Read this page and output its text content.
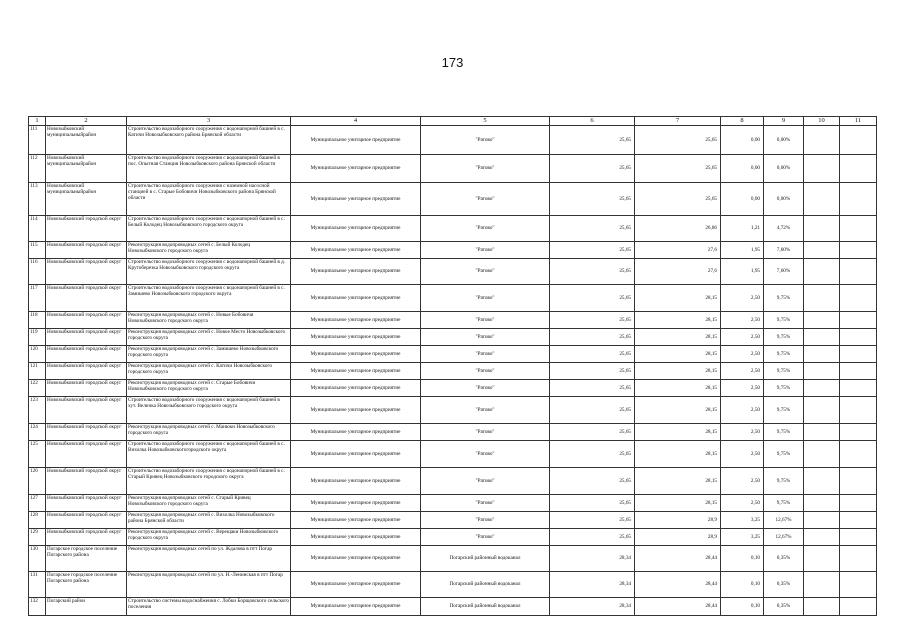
173
1	2	3	4	5	6	7	8	9	10	11
111	Новозыбковский муниципальныйрайон	Строительство водозаборного сооружения с водонапорной башней в с. Катичи Новозыбковского района Брянской области	Муниципальное унитарное предприятие	"Ратово"	25,65	25,65	0,00	0,00%		
112	Новозыбковский муниципальныйрайон	Строительство водозаборного сооружения с водонапорной башней в пос. Опытная Станция Новозыбковского района Брянской области	Муниципальное унитарное предприятие	"Ратово"	25,65	25,65	0,00	0,00%		
113	Новозыбковский муниципальныйрайон	Строительство водозаборного сооружения с наземной насосной станцией в с. Старые Бобовичи Новозыбковского района Брянской области	Муниципальное унитарное предприятие	"Ратово"	25,65	25,65	0,00	0,00%		
114	Новозыбковский городской округ	Строительство водозаборного сооружения с водонапорной башней в с. Белый Колодец Новозыбковского городского округа	Муниципальное унитарное предприятие	"Ратово"	25,65	26,86	1,21	4,72%		
115	Новозыбковский городской округ	Реконструкция водопроводных сетей с. Белый Колодец Новозыбковского городского округа	Муниципальное унитарное предприятие	"Ратово"	25,65	27,6	1,95	7,60%		
116	Новозыбковский городской округ	Строительство водозаборного сооружения с водонапорной башней в д. Крутоберезка Новозыбковского городского округа	Муниципальное унитарное предприятие	"Ратово"	25,65	27,6	1,95	7,60%		
117	Новозыбковский городской округ	Строительство водозаборного сооружения с водонапорной башней в с. Замишево Новозыбковского городского округа	Муниципальное унитарное предприятие	"Ратово"	25,65	28,15	2,50	9,75%		
118	Новозыбковский городской округ	Реконструкция водопроводных сетей с. Новые Бобовичи Новозыбковского городского округа	Муниципальное унитарное предприятие	"Ратово"	25,65	28,15	2,50	9,75%		
119	Новозыбковский городской округ	Реконструкция водопроводных сетей с. Новое Место Новозыбковского городского округа	Муниципальное унитарное предприятие	"Ратово"	25,65	28,15	2,50	9,75%		
120	Новозыбковский городской округ	Реконструкция водопроводных сетей с. Замишево Новозыбковского городского округа	Муниципальное унитарное предприятие	"Ратово"	25,65	28,15	2,50	9,75%		
121	Новозыбковский городской округ	Реконструкция водопроводных сетей с. Катичи Новозыбковского городского округа	Муниципальное унитарное предприятие	"Ратово"	25,65	28,15	2,50	9,75%		
122	Новозыбковский городской округ	Реконструкция водопроводных сетей с. Старые Бобовичи Новозыбковского городского округа	Муниципальное унитарное предприятие	"Ратово"	25,65	28,15	2,50	9,75%		
123	Новозыбковский городской округ	Строительство водозаборного сооружения с водонапорной башней в хут. Величка Новозыбковского городского округа	Муниципальное унитарное предприятие	"Ратово"	25,65	28,15	2,50	9,75%		
124	Новозыбковский городской округ	Реконструкция водопроводных сетей с. Манюки Новозыбковского городского округа	Муниципальное унитарное предприятие	"Ратово"	25,65	28,15	2,50	9,75%		
125	Новозыбковский городской округ	Строительство водозаборного сооружения с водонапорной башней в с. Вихолка Новозыбковскогогородского округа	Муниципальное унитарное предприятие	"Ратово"	25,65	28,15	2,50	9,75%		
126	Новозыбковский городской округ	Строительство водозаборного сооружения с водонапорной башней в с. Старый Кривец Новозыбковского городского округа	Муниципальное унитарное предприятие	"Ратово"	25,65	28,15	2,50	9,75%		
127	Новозыбковский городской округ	Реконструкция водопроводных сетей с. Старый Кривец Новозыбковского городского округа	Муниципальное унитарное предприятие	"Ратово"	25,65	28,15	2,50	9,75%		
128	Новозыбковский городской округ	Реконструкция водопроводных сетей с. Вихолка Новозыбковского района Брянской области	Муниципальное унитарное предприятие	"Ратово"	25,65	28,9	3,25	12,67%		
129	Новозыбковский городской округ	Реконструкция водопроводных сетей с. Верещаки Новозыбковского городского округа	Муниципальное унитарное предприятие	"Ратово"	25,65	28,9	3,25	12,67%		
130	Погарское городское поселение Погарского района	Реконструкция водопроводных сетей по ул. Ждалова в птт Погар	Муниципальное унитарное предприятие	Погарский районный водоканал	28,34	28,44	0,10	0,35%		
131	Погарское городское поселение Погарского района	Реконструкция водопроводных сетей по ул. Н.-Ленинская в птт Погар	Муниципальное унитарное предприятие	Погарский районный водоканал	28,34	28,44	0,10	0,35%		
132	Погарский район	Строительство системы водоснабжения с. Лобки Борщовского сельского поселения	Муниципальное унитарное предприятие	Погарский районный водоканал	28,34	28,44	0,10	0,35%		
